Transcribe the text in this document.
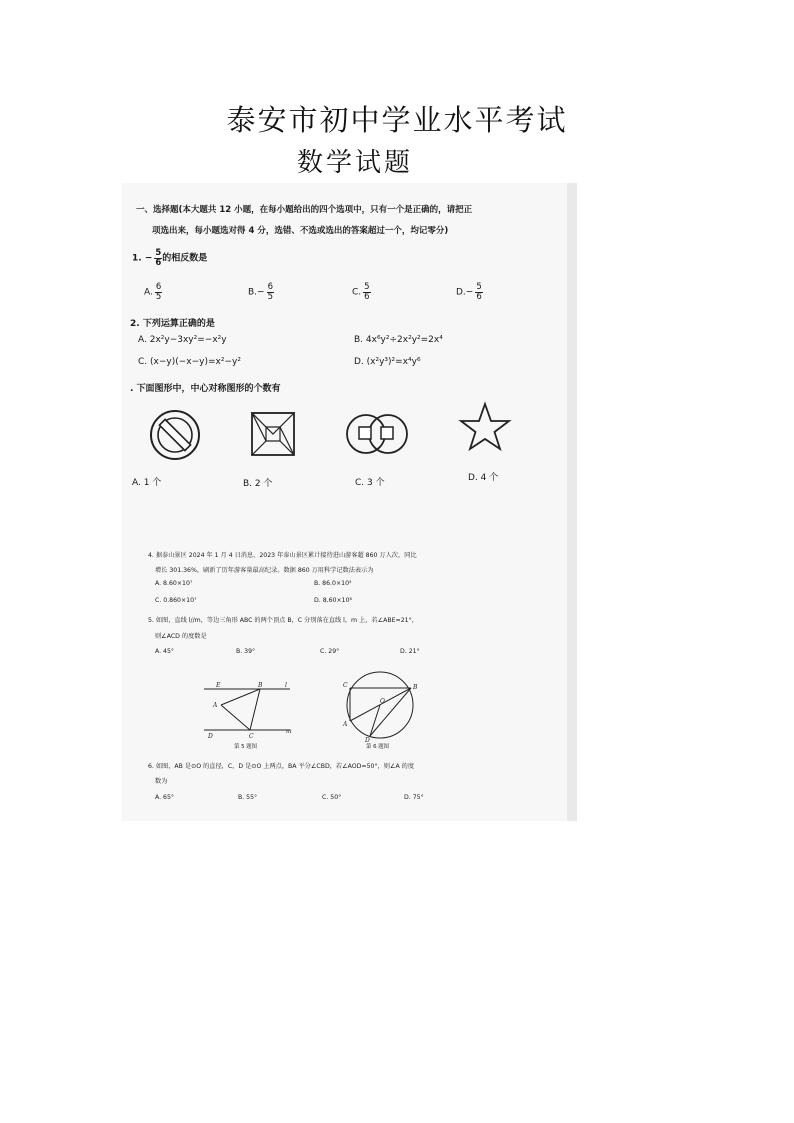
泰安市初中学业水平考试
数学试题
一、选择题(本大题共 12 小题，在每小题给出的四个选项中，只有一个是正确的，请把正
项选出来，每小题选对得 4 分，选错、不选或选出的答案超过一个，均记零分)
1. − $\frac{5}{6}$ 的相反数是
A. $\frac{6}{5}$	$B.- \frac{6}{5}$	C. $\frac{5}{6}$	$D.- \frac{5}{6}$
2. 下列运算正确的是
A. 2x²y−3xy²=−x²y	B. 4x⁶y²÷2x²y²=2x⁴
C. (x−y)(−x−y)=x²−y²	D. (x²y³)²=x⁴y⁶
. 下面图形中，中心对称图形的个数有
A. 1 个	B. 2 个	C. 3 个	D. 4 个
4. 据泰山景区 2024 年 1 月 4 日消息，2023 年泰山景区累计接待进山游客超 860 万人次，同比
增长 301.36%，刷新了历年游客量最高纪录。数据 860 万用科学记数法表示为
A. 8.60×10⁷	B. 86.0×10⁵
C. 0.860×10⁷	D. 8.60×10⁶
5. 如图，直线 l//m，等边三角形 ABC 的两个顶点 B，C 分别落在直线 l，m 上，若∠ABE=21°，
则∠ACD 的度数是
A. 45°	B. 39°	C. 29°	D. 21°
E	B	l
A
D	C
m
第 5 题图
C	B
O
A
D
第 6 题图
6. 如图，AB 是⊙O 的直径，C，D 是⊙O 上两点，BA 平分∠CBD，若∠AOD=50°，则∠A 的度
数为
A. 65°	B. 55°	C. 50°	D. 75°
